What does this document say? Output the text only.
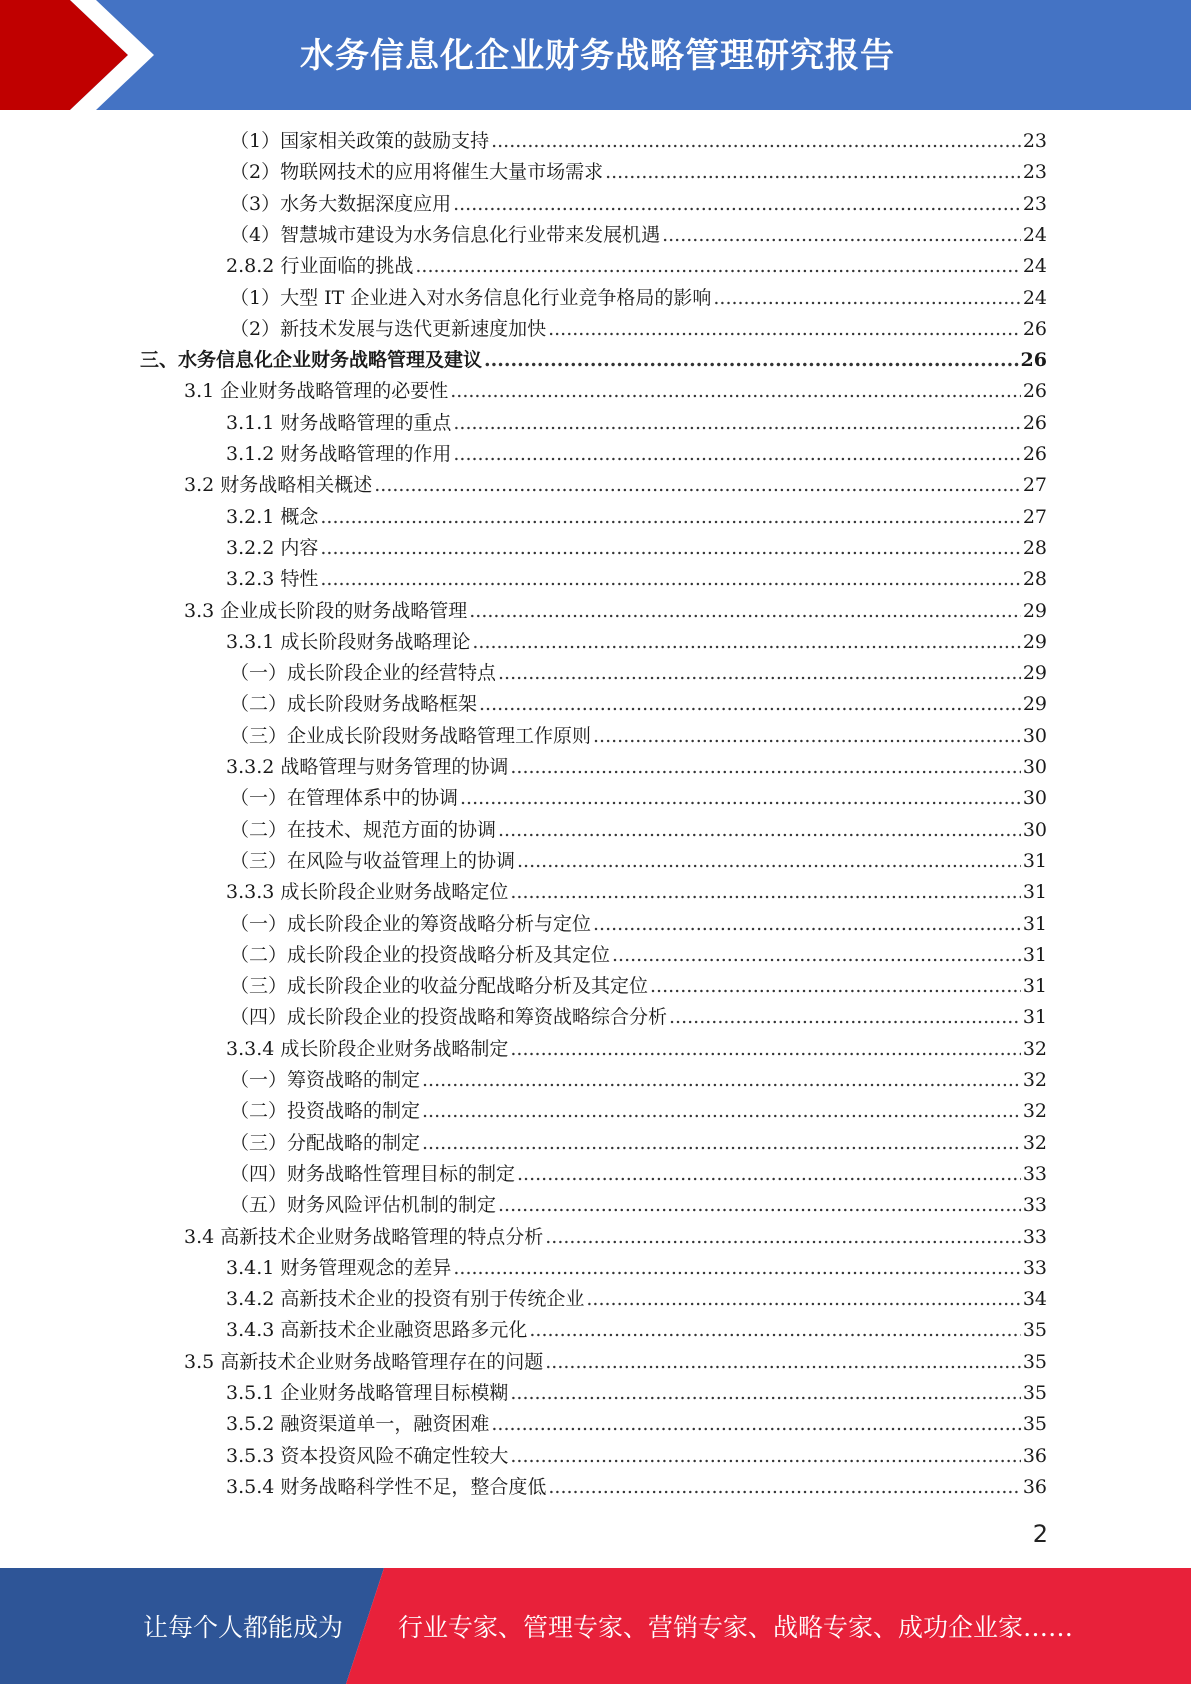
水务信息化企业财务战略管理研究报告
（1）国家相关政策的鼓励支持 .....	23
（2）物联网技术的应用将催生大量市场需求 .....	23
（3）水务大数据深度应用 .....	23
（4）智慧城市建设为水务信息化行业带来发展机遇 .....	24
2.8.2 行业面临的挑战 .....	24
（1）大型 IT 企业进入对水务信息化行业竞争格局的影响 .....	24
（2）新技术发展与迭代更新速度加快 .....	26
三、水务信息化企业财务战略管理及建议 .....	26
3.1 企业财务战略管理的必要性 .....	26
3.1.1 财务战略管理的重点 .....	26
3.1.2 财务战略管理的作用 .....	26
3.2 财务战略相关概述 .....	27
3.2.1 概念 .....	27
3.2.2 内容 .....	28
3.2.3 特性 .....	28
3.3 企业成长阶段的财务战略管理 .....	29
3.3.1 成长阶段财务战略理论 .....	29
（一）成长阶段企业的经营特点 .....	29
（二）成长阶段财务战略框架 .....	29
（三）企业成长阶段财务战略管理工作原则 .....	30
3.3.2 战略管理与财务管理的协调 .....	30
（一）在管理体系中的协调 .....	30
（二）在技术、规范方面的协调 .....	30
（三）在风险与收益管理上的协调 .....	31
3.3.3 成长阶段企业财务战略定位 .....	31
（一）成长阶段企业的筹资战略分析与定位 .....	31
（二）成长阶段企业的投资战略分析及其定位 .....	31
（三）成长阶段企业的收益分配战略分析及其定位 .....	31
（四）成长阶段企业的投资战略和筹资战略综合分析 .....	31
3.3.4 成长阶段企业财务战略制定 .....	32
（一）筹资战略的制定 .....	32
（二）投资战略的制定 .....	32
（三）分配战略的制定 .....	32
（四）财务战略性管理目标的制定 .....	33
（五）财务风险评估机制的制定 .....	33
3.4 高新技术企业财务战略管理的特点分析 .....	33
3.4.1 财务管理观念的差异 .....	33
3.4.2 高新技术企业的投资有别于传统企业 .....	34
3.4.3 高新技术企业融资思路多元化 .....	35
3.5 高新技术企业财务战略管理存在的问题 .....	35
3.5.1 企业财务战略管理目标模糊 .....	35
3.5.2 融资渠道单一，融资困难 .....	35
3.5.3 资本投资风险不确定性较大 .....	36
3.5.4 财务战略科学性不足，整合度低 .....	36
2
让每个人都能成为 行业专家、管理专家、营销专家、战略专家、成功企业家……
